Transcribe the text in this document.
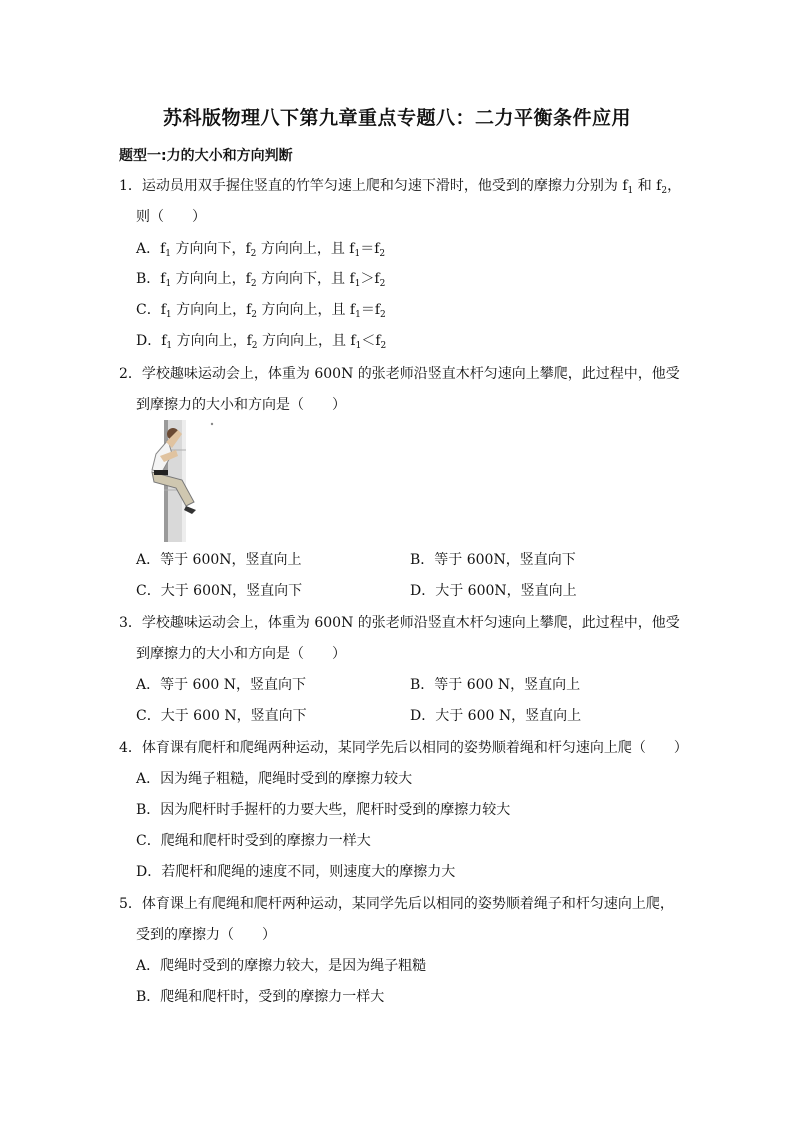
苏科版物理八下第九章重点专题八：二力平衡条件应用
题型一:力的大小和方向判断
1．运动员用双手握住竖直的竹竿匀速上爬和匀速下滑时，他受到的摩擦力分别为 $f_1$ 和 $f_2$，
则（　　）
A．$f_1$ 方向向下，$f_2$ 方向向上，且 $f_1=f_2$
B．$f_1$ 方向向上，$f_2$ 方向向下，且 $f_1>f_2$
C．$f_1$ 方向向上，$f_2$ 方向向上，且 $f_1=f_2$
D．$f_1$ 方向向上，$f_2$ 方向向上，且 $f_1<f_2$
2．学校趣味运动会上，体重为 600N 的张老师沿竖直木杆匀速向上攀爬，此过程中，他受
到摩擦力的大小和方向是（　　）
A．等于 600N，竖直向上	B．等于 600N，竖直向下
C．大于 600N，竖直向下	D．大于 600N，竖直向上
3．学校趣味运动会上，体重为 600N 的张老师沿竖直木杆匀速向上攀爬，此过程中，他受
到摩擦力的大小和方向是（　　）
A．等于 600 N，竖直向下	B．等于 600 N，竖直向上
C．大于 600 N，竖直向下	D．大于 600 N，竖直向上
4．体育课有爬杆和爬绳两种运动，某同学先后以相同的姿势顺着绳和杆匀速向上爬（　　）
A．因为绳子粗糙，爬绳时受到的摩擦力较大
B．因为爬杆时手握杆的力要大些，爬杆时受到的摩擦力较大
C．爬绳和爬杆时受到的摩擦力一样大
D．若爬杆和爬绳的速度不同，则速度大的摩擦力大
5．体育课上有爬绳和爬杆两种运动，某同学先后以相同的姿势顺着绳子和杆匀速向上爬，
受到的摩擦力（　　）
A．爬绳时受到的摩擦力较大，是因为绳子粗糙
B．爬绳和爬杆时，受到的摩擦力一样大
